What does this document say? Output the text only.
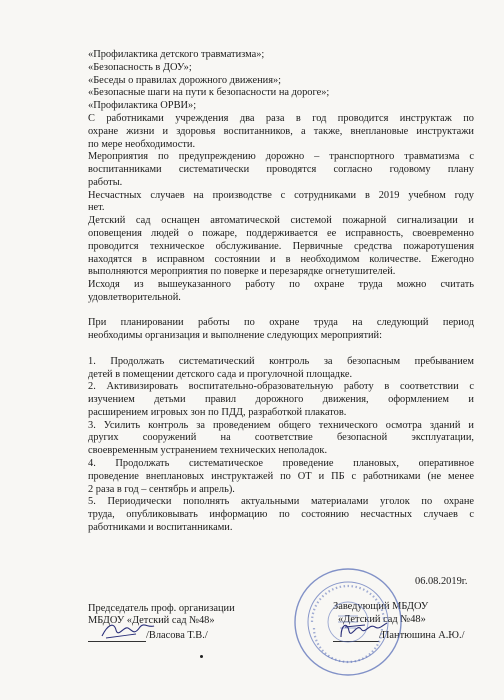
«Профилактика детского травматизма»;
«Безопасность в ДОУ»;
«Беседы о правилах дорожного движения»;
«Безопасные шаги на пути к безопасности на дороге»;
«Профилактика ОРВИ»;
С работниками учреждения два раза в год проводится инструктаж по
охране жизни и здоровья воспитанников, а также, внеплановые инструктажи
по мере необходимости.
Мероприятия по предупреждению дорожно – транспортного травматизма с
воспитанниками систематически проводятся согласно годовому плану
работы.
Несчастных случаев на производстве с сотрудниками в 2019 учебном году
нет.
Детский сад оснащен автоматической системой пожарной сигнализации и
оповещения людей о пожаре, поддерживается ее исправность, своевременно
проводится техническое обслуживание. Первичные средства пожаротушения
находятся в исправном состоянии и в необходимом количестве. Ежегодно
выполняются мероприятия по поверке и перезарядке огнетушителей.
Исходя из вышеуказанного работу по охране труда можно считать
удовлетворительной.
При планировании работы по охране труда на следующий период
необходимы организация и выполнение следующих мероприятий:
1. Продолжать систематический контроль за безопасным пребыванием
детей в помещении детского сада и прогулочной площадке.
2. Активизировать воспитательно-образовательную работу в соответствии с
изучением детьми правил дорожного движения, оформлением и
расширением игровых зон по ПДД, разработкой плакатов.
3. Усилить контроль за проведением общего технического осмотра зданий и
других сооружений на соответствие безопасной эксплуатации,
своевременным устранением технических неполадок.
4. Продолжать систематическое проведение плановых, оперативное
проведение внеплановых инструктажей по ОТ и ПБ с работниками (не менее
2 раза в год – сентябрь и апрель).
5. Периодически пополнять актуальными материалами уголок по охране
труда, опубликовывать информацию по состоянию несчастных случаев с
работниками и воспитанниками.
06.08.2019г.
Председатель проф. организации
МБДОУ «Детский сад №48»
/Власова Т.В./
Заведующий МБДОУ
«Детский сад №48»
/Пантюшина А.Ю./
